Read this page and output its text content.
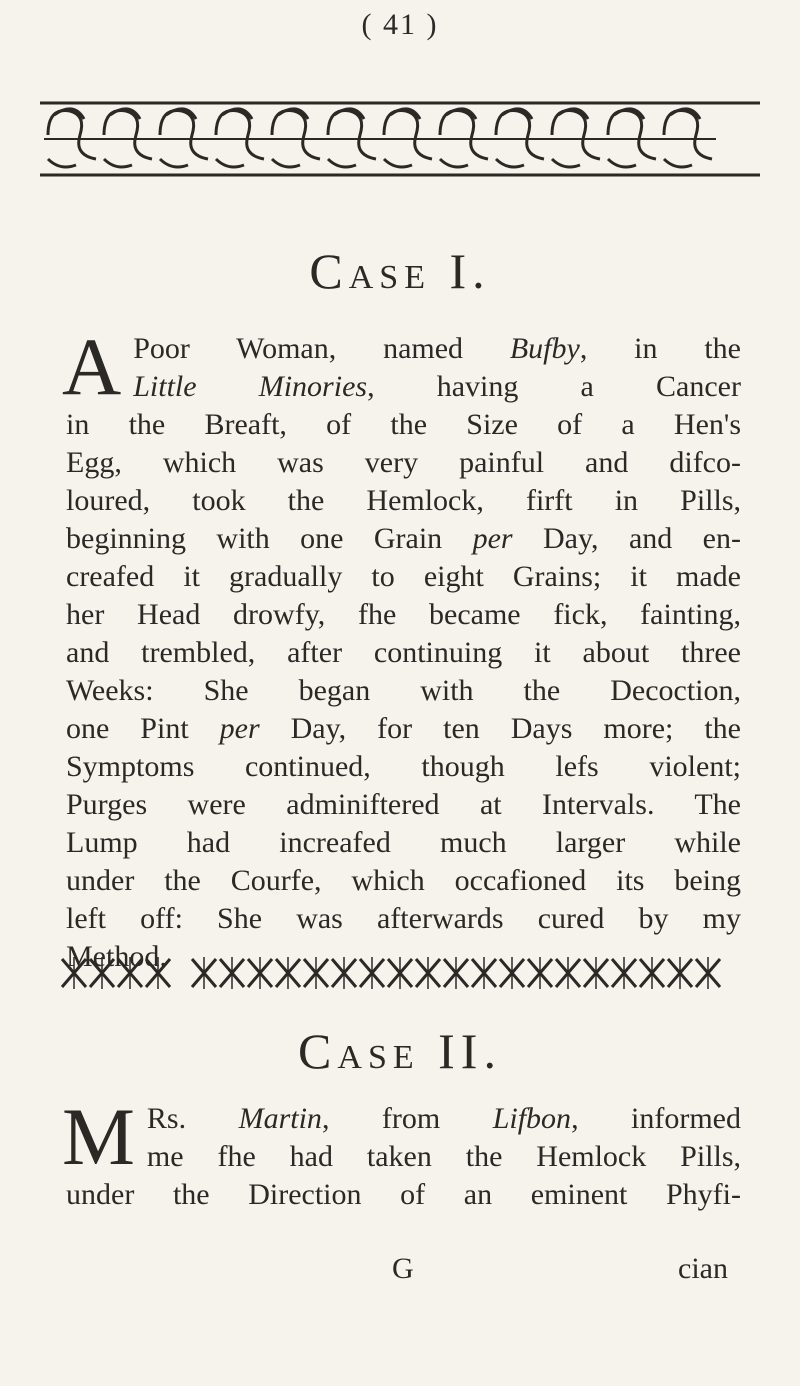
( 41 )
CASE I.
A Poor Woman, named Bufby, in the
Little Minories, having a Cancer
in the Breaft, of the Size of a Hen's
Egg, which was very painful and difco-
loured, took the Hemlock, firft in Pills,
beginning with one Grain per Day, and en-
creafed it gradually to eight Grains; it made
her Head drowfy, fhe became fick, fainting,
and trembled, after continuing it about three
Weeks: She began with the Decoction,
one Pint per Day, for ten Days more; the
Symptoms continued, though lefs violent;
Purges were adminiftered at Intervals. The
Lump had increafed much larger while
under the Courfe, which occafioned its being
left off: She was afterwards cured by my
Method.
CASE II.
M Rs. Martin, from Lifbon, informed
me fhe had taken the Hemlock Pills,
under the Direction of an eminent Phyfi-
G	cian
